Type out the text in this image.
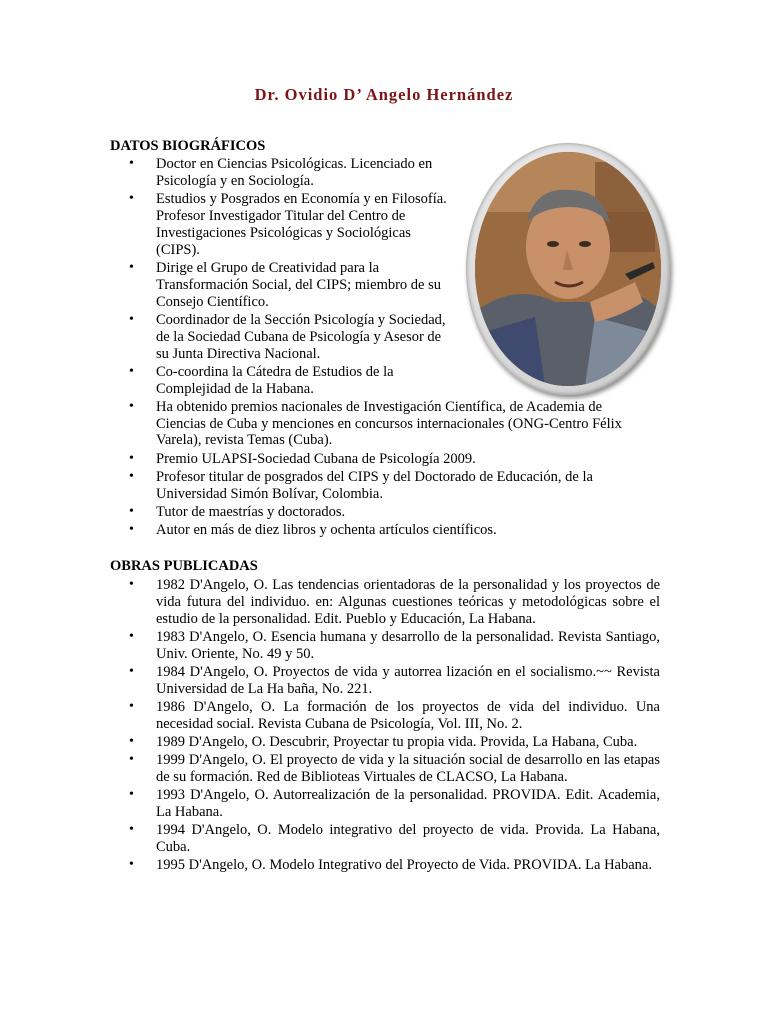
Dr. Ovidio D’ Angelo Hernández
DATOS BIOGRÁFICOS
• Doctor en Ciencias Psicológicas. Licenciado en Psicología y en Sociología.
• Estudios y Posgrados en Economía y en Filosofía. Profesor Investigador Titular del Centro de Investigaciones Psicológicas y Sociológicas (CIPS).
• Dirige el Grupo de Creatividad para la Transformación Social, del CIPS; miembro de su Consejo Científico.
• Coordinador de la Sección Psicología y Sociedad, de la Sociedad Cubana de Psicología y Asesor de su Junta Directiva Nacional.
• Co-coordina la Cátedra de Estudios de la Complejidad de la Habana.
• Ha obtenido premios nacionales de Investigación Científica, de Academia de Ciencias de Cuba y menciones en concursos internacionales (ONG-Centro Félix Varela), revista Temas (Cuba).
• Premio ULAPSI-Sociedad Cubana de Psicología 2009.
• Profesor titular de posgrados del CIPS y del Doctorado de Educación, de la Universidad Simón Bolívar, Colombia.
• Tutor de maestrías y doctorados.
• Autor en más de diez libros y ochenta artículos científicos.
OBRAS PUBLICADAS
• 1982 D'Angelo, O. Las tendencias orientadoras de la personalidad y los proyectos de vida futura del individuo. en: Algunas cuestiones teóricas y metodológicas sobre el estudio de la personalidad. Edit. Pueblo y Educación, La Habana.
• 1983 D'Angelo, O. Esencia humana y desarrollo de la personalidad. Revista Santiago, Univ. Oriente, No. 49 y 50.
• 1984 D'Angelo, O. Proyectos de vida y autorrea lización en el socialismo.~~ Revista Universidad de La Ha baña, No. 221.
• 1986 D'Angelo, O. La formación de los proyectos de vida del individuo. Una necesidad social. Revista Cubana de Psicología, Vol. III, No. 2.
• 1989 D'Angelo, O. Descubrir, Proyectar tu propia vida. Provida, La Habana, Cuba.
• 1999 D'Angelo, O. El proyecto de vida y la situación social de desarrollo en las etapas de su formación. Red de Biblioteas Virtuales de CLACSO, La Habana.
• 1993 D'Angelo, O. Autorrealización de la personalidad. PROVIDA. Edit. Academia, La Habana.
• 1994 D'Angelo, O. Modelo integrativo del proyecto de vida. Provida. La Habana, Cuba.
• 1995 D'Angelo, O. Modelo Integrativo del Proyecto de Vida. PROVIDA. La Habana.
